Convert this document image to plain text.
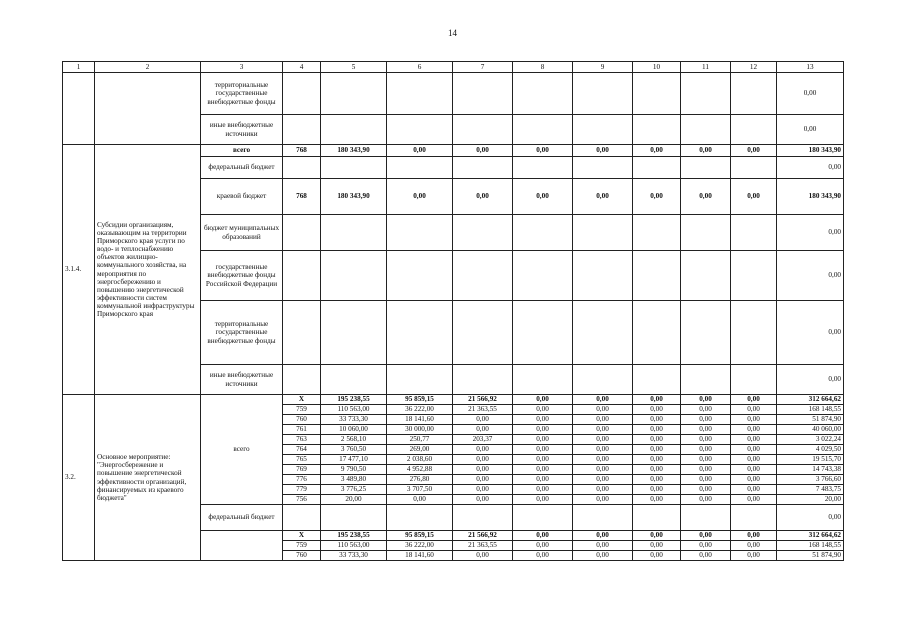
14
1	2	3	4	5	6	7	8	9	10	11	12	13
		территориальные государственные внебюджетные фонды										0,00
		иные внебюджетные источники										0,00
3.1.4.	Субсидии организациям, оказывающим на территории Приморского края услуги по водо- и теплоснабжению объектов жилищно-коммунального хозяйства, на мероприятия по энергосбережению и повышению энергетической эффективности систем коммунальной инфраструктуры Приморского края	всего	768	180 343,90	0,00	0,00	0,00	0,00	0,00	0,00	0,00	180 343,90
		федеральный бюджет										0,00
		краевой бюджет	768	180 343,90	0,00	0,00	0,00	0,00	0,00	0,00	0,00	180 343,90
		бюджет муниципальных образований										0,00
		государственные внебюджетные фонды Российской Федерации										0,00
		территориальные государственные внебюджетные фонды										0,00
		иные внебюджетные источники										0,00
3.2.	Основное мероприятие: "Энергосбережение и повышение энергетической эффективности организаций, финансируемых из краевого бюджета"	всего	X	195 238,55	95 859,15	21 566,92	0,00	0,00	0,00	0,00	0,00	312 664,62
			759	110 563,00	36 222,00	21 363,55	0,00	0,00	0,00	0,00	0,00	168 148,55
			760	33 733,30	18 141,60	0,00	0,00	0,00	0,00	0,00	0,00	51 874,90
			761	10 060,00	30 000,00	0,00	0,00	0,00	0,00	0,00	0,00	40 060,00
			763	2 568,10	250,77	203,37	0,00	0,00	0,00	0,00	0,00	3 022,24
			764	3 760,50	269,00	0,00	0,00	0,00	0,00	0,00	0,00	4 029,50
			765	17 477,10	2 038,60	0,00	0,00	0,00	0,00	0,00	0,00	19 515,70
			769	9 790,50	4 952,88	0,00	0,00	0,00	0,00	0,00	0,00	14 743,38
			776	3 489,80	276,80	0,00	0,00	0,00	0,00	0,00	0,00	3 766,60
			779	3 776,25	3 707,50	0,00	0,00	0,00	0,00	0,00	0,00	7 483,75
			756	20,00	0,00	0,00	0,00	0,00	0,00	0,00	0,00	20,00
		федеральный бюджет										0,00
			X	195 238,55	95 859,15	21 566,92	0,00	0,00	0,00	0,00	0,00	312 664,62
			759	110 563,00	36 222,00	21 363,55	0,00	0,00	0,00	0,00	0,00	168 148,55
			760	33 733,30	18 141,60	0,00	0,00	0,00	0,00	0,00	0,00	51 874,90
